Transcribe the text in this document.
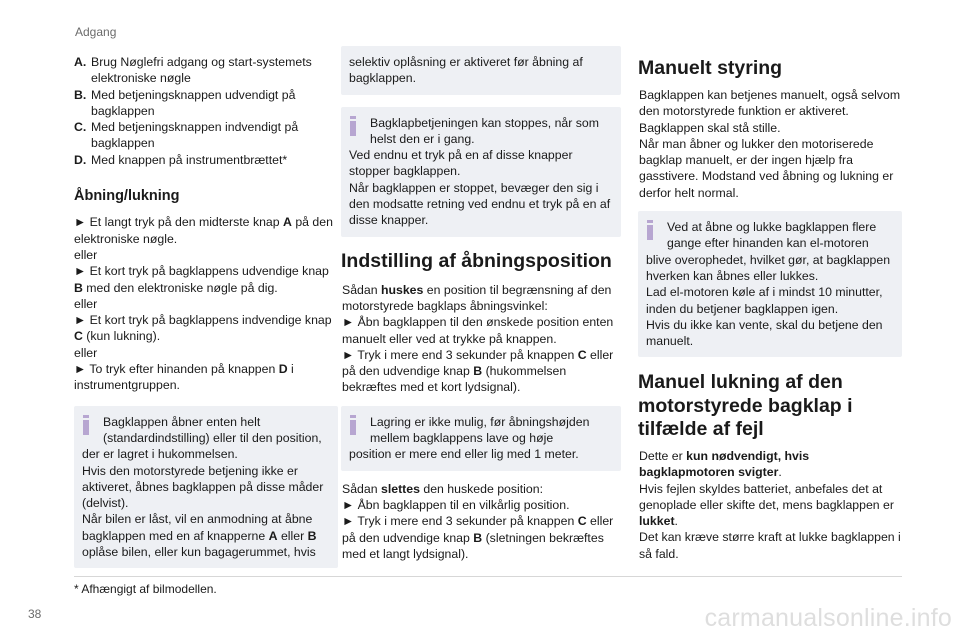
Adgang
A. Brug Nøglefri adgang og start-systemets elektroniske nøgle
B. Med betjeningsknappen udvendigt på bagklappen
C. Med betjeningsknappen indvendigt på bagklappen
D. Med knappen på instrumentbrættet*
Åbning/lukning
► Et langt tryk på den midterste knap A på den elektroniske nøgle.
eller
► Et kort tryk på bagklappens udvendige knap B med den elektroniske nøgle på dig.
eller
► Et kort tryk på bagklappens indvendige knap C (kun lukning).
eller
► To tryk efter hinanden på knappen D i instrumentgruppen.
Bagklappen åbner enten helt (standardindstilling) eller til den position,
der er lagret i hukommelsen.
Hvis den motorstyrede betjening ikke er aktiveret, åbnes bagklappen på disse måder (delvist).
Når bilen er låst, vil en anmodning at åbne bagklappen med en af knapperne A eller B oplåse bilen, eller kun bagagerummet, hvis
selektiv oplåsning er aktiveret før åbning af bagklappen.
Bagklapbetjeningen kan stoppes, når som helst den er i gang.
Ved endnu et tryk på en af disse knapper stopper bagklappen.
Når bagklappen er stoppet, bevæger den sig i den modsatte retning ved endnu et tryk på en af disse knapper.
Indstilling af åbningsposition
Sådan huskes en position til begrænsning af den motorstyrede bagklaps åbningsvinkel:
► Åbn bagklappen til den ønskede position enten manuelt eller ved at trykke på knappen.
► Tryk i mere end 3 sekunder på knappen C eller på den udvendige knap B (hukommelsen bekræftes med et kort lydsignal).
Lagring er ikke mulig, før åbningshøjden mellem bagklappens lave og høje
position er mere end eller lig med 1 meter.
Sådan slettes den huskede position:
► Åbn bagklappen til en vilkårlig position.
► Tryk i mere end 3 sekunder på knappen C eller på den udvendige knap B (sletningen bekræftes med et langt lydsignal).
Manuelt styring
Bagklappen kan betjenes manuelt, også selvom den motorstyrede funktion er aktiveret.
Bagklappen skal stå stille.
Når man åbner og lukker den motoriserede bagklap manuelt, er der ingen hjælp fra gasstivere. Modstand ved åbning og lukning er derfor helt normal.
Ved at åbne og lukke bagklappen flere gange efter hinanden kan el-motoren
blive overophedet, hvilket gør, at bagklappen hverken kan åbnes eller lukkes.
Lad el-motoren køle af i mindst 10 minutter, inden du betjener bagklappen igen.
Hvis du ikke kan vente, skal du betjene den manuelt.
Manuel lukning af den motorstyrede bagklap i tilfælde af fejl
Dette er kun nødvendigt, hvis bagklapmotoren svigter.
Hvis fejlen skyldes batteriet, anbefales det at genoplade eller skifte det, mens bagklappen er lukket.
Det kan kræve større kraft at lukke bagklappen i så fald.
* Afhængigt af bilmodellen.
38	carmanualsonline.info
